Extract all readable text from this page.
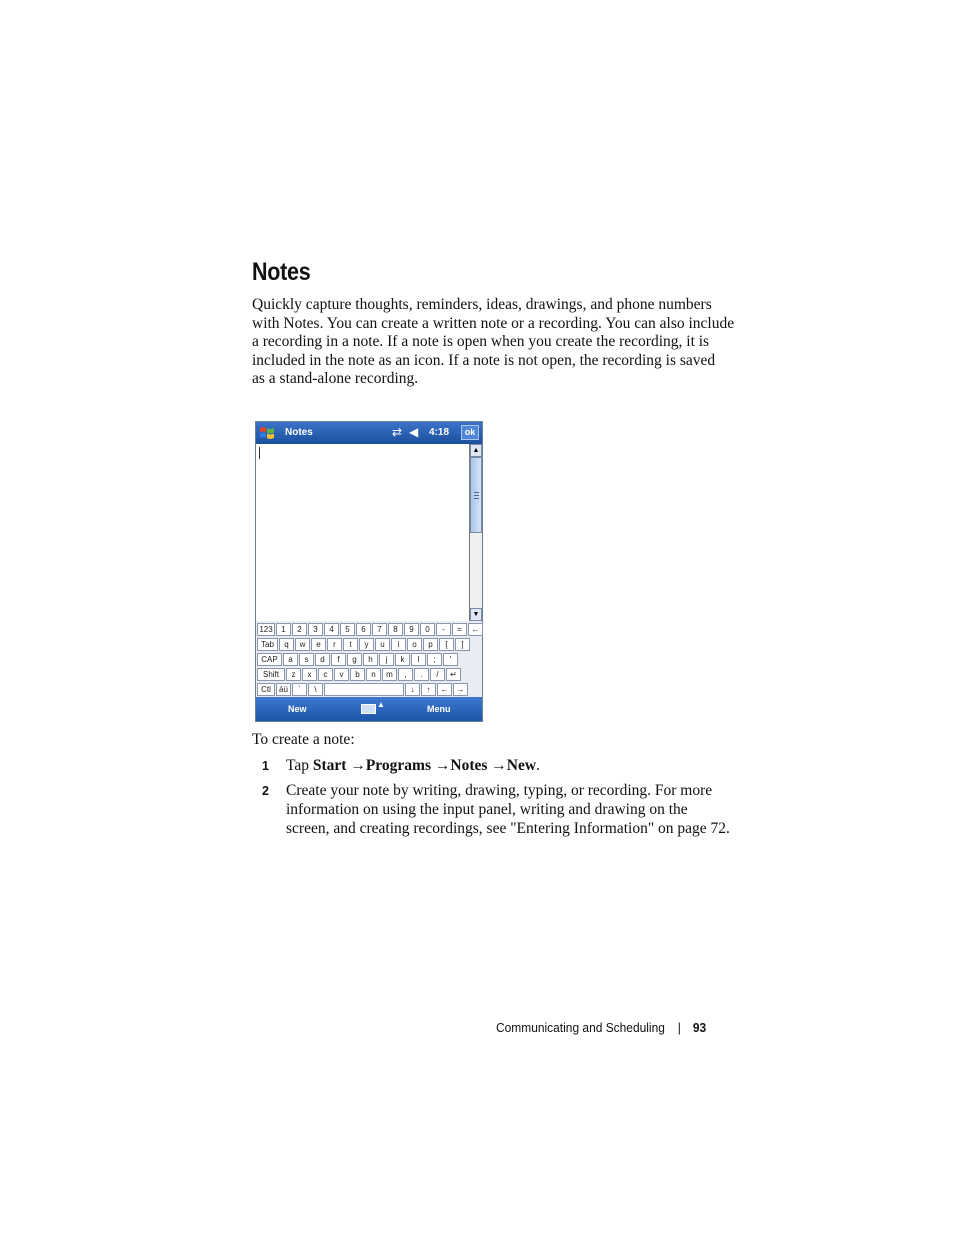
Notes

Quickly capture thoughts, reminders, ideas, drawings, and phone numbers
with Notes. You can create a written note or a recording. You can also include
a recording in a note. If a note is open when you create the recording, it is
included in the note as an icon. If a note is not open, the recording is saved
as a stand-alone recording.

Notes	⇄ ◀ 4:18	ok
▲
▼
123	1	2	3	4	5	6	7	8	9	0	-	=	←
Tab	q	w	e	r	t	y	u	i	o	p	[	]
CAP	a	s	d	f	g	h	j	k	l	;	'
Shift	z	x	c	v	b	n	m	,	.	/	↵
Ctl	áü	`	\	↓	↑	←	→
New	▲	Menu

To create a note:

1 Tap Start →Programs →Notes →New.
2 Create your note by writing, drawing, typing, or recording. For more
information on using the input panel, writing and drawing on the
screen, and creating recordings, see "Entering Information" on page 72.
Communicating and Scheduling | 93
